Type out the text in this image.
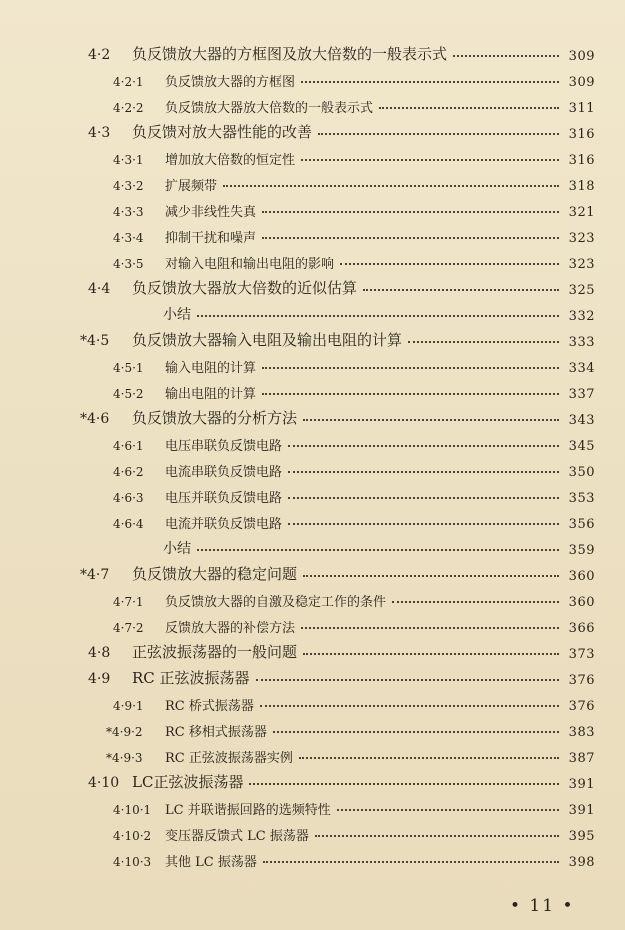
4·2	负反馈放大器的方框图及放大倍数的一般表示式	309
4·2·1	负反馈放大器的方框图	309
4·2·2	负反馈放大器放大倍数的一般表示式	311
4·3	负反馈对放大器性能的改善	316
4·3·1	增加放大倍数的恒定性	316
4·3·2	扩展频带	318
4·3·3	减少非线性失真	321
4·3·4	抑制干扰和噪声	323
4·3·5	对输入电阻和输出电阻的影响	323
4·4	负反馈放大器放大倍数的近似估算	325
小结	332
*4·5	负反馈放大器输入电阻及输出电阻的计算	333
4·5·1	输入电阻的计算	334
4·5·2	输出电阻的计算	337
*4·6	负反馈放大器的分析方法	343
4·6·1	电压串联负反馈电路	345
4·6·2	电流串联负反馈电路	350
4·6·3	电压并联负反馈电路	353
4·6·4	电流并联负反馈电路	356
小结	359
*4·7	负反馈放大器的稳定问题	360
4·7·1	负反馈放大器的自激及稳定工作的条件	360
4·7·2	反馈放大器的补偿方法	366
4·8	正弦波振荡器的一般问题	373
4·9	RC 正弦波振荡器	376
4·9·1	RC 桥式振荡器	376
*4·9·2	RC 移相式振荡器	383
*4·9·3	RC 正弦波振荡器实例	387
4·10 LC正弦波振荡器	391
4·10·1	LC 并联谐振回路的选频特性	391
4·10·2	变压器反馈式 LC 振荡器	395
4·10·3	其他 LC 振荡器	398
• 11 •
